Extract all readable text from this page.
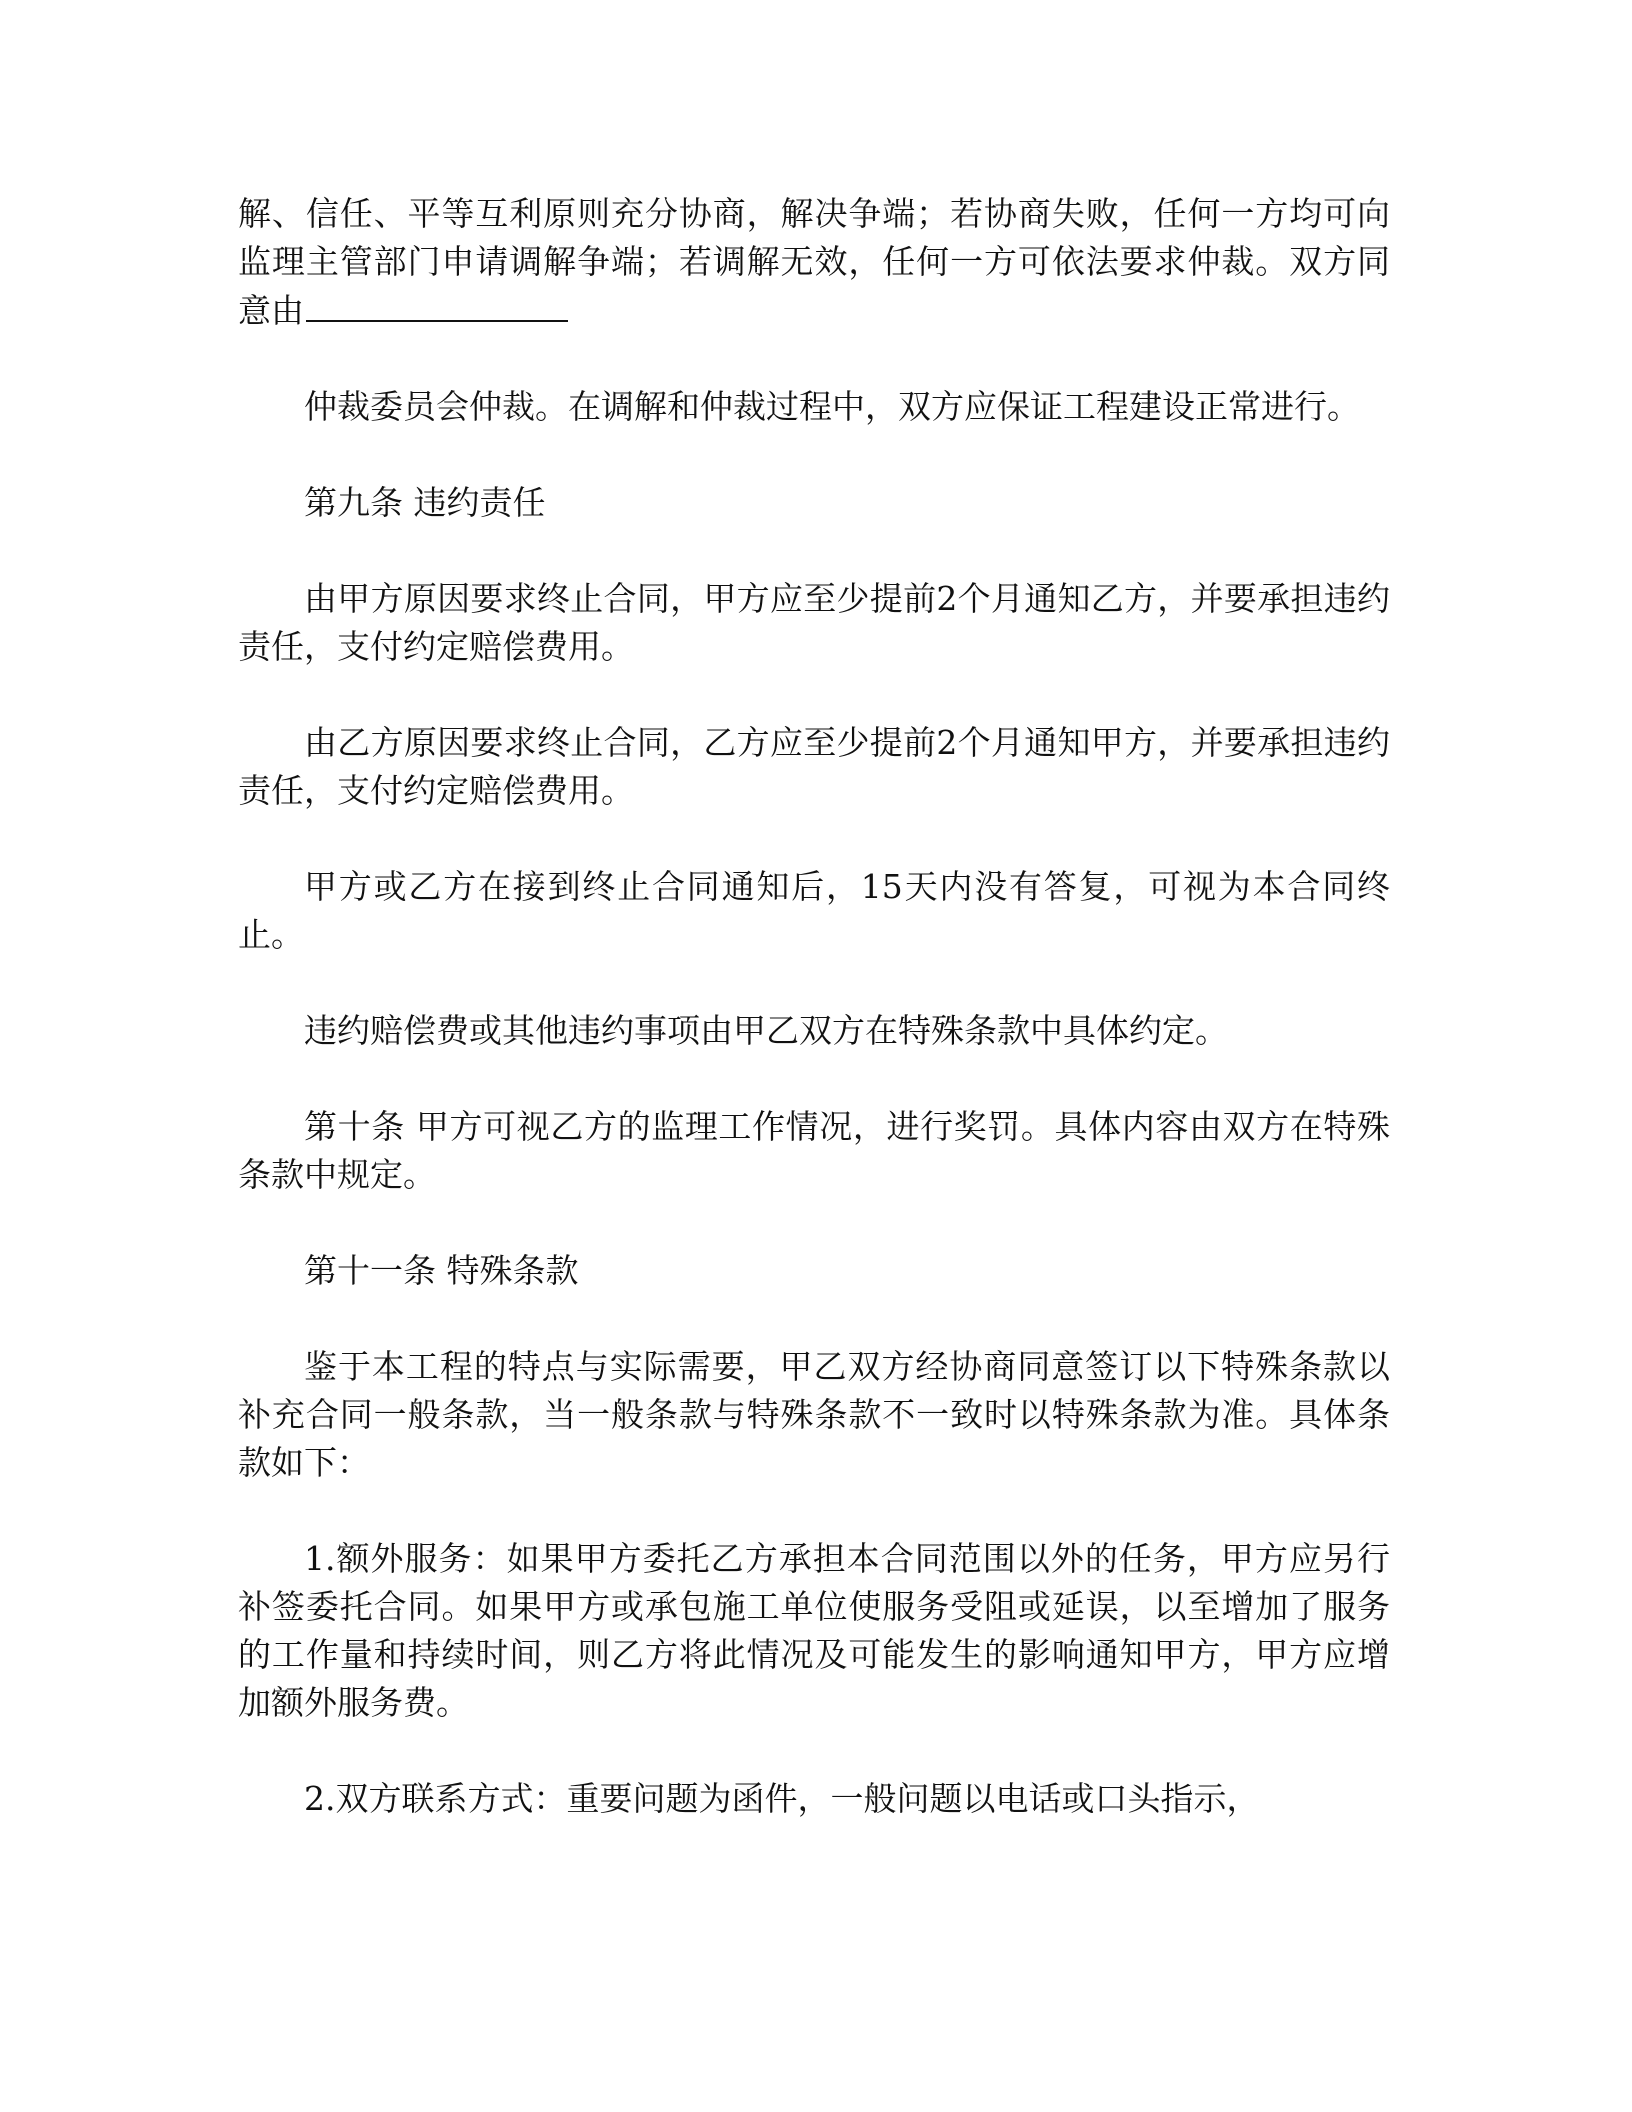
解、信任、平等互利原则充分协商，解决争端；若协商失败，任何一方均可向监理主管部门申请调解争端；若调解无效，任何一方可依法要求仲裁。双方同意由

仲裁委员会仲裁。在调解和仲裁过程中，双方应保证工程建设正常进行。

第九条 违约责任

由甲方原因要求终止合同，甲方应至少提前2个月通知乙方，并要承担违约责任，支付约定赔偿费用。

由乙方原因要求终止合同，乙方应至少提前2个月通知甲方，并要承担违约责任，支付约定赔偿费用。

甲方或乙方在接到终止合同通知后，15天内没有答复，可视为本合同终止。

违约赔偿费或其他违约事项由甲乙双方在特殊条款中具体约定。

第十条 甲方可视乙方的监理工作情况，进行奖罚。具体内容由双方在特殊条款中规定。

第十一条 特殊条款

鉴于本工程的特点与实际需要，甲乙双方经协商同意签订以下特殊条款以补充合同一般条款，当一般条款与特殊条款不一致时以特殊条款为准。具体条款如下：

1.额外服务：如果甲方委托乙方承担本合同范围以外的任务，甲方应另行补签委托合同。如果甲方或承包施工单位使服务受阻或延误，以至增加了服务的工作量和持续时间，则乙方将此情况及可能发生的影响通知甲方，甲方应增加额外服务费。

2.双方联系方式：重要问题为函件，一般问题以电话或口头指示，
